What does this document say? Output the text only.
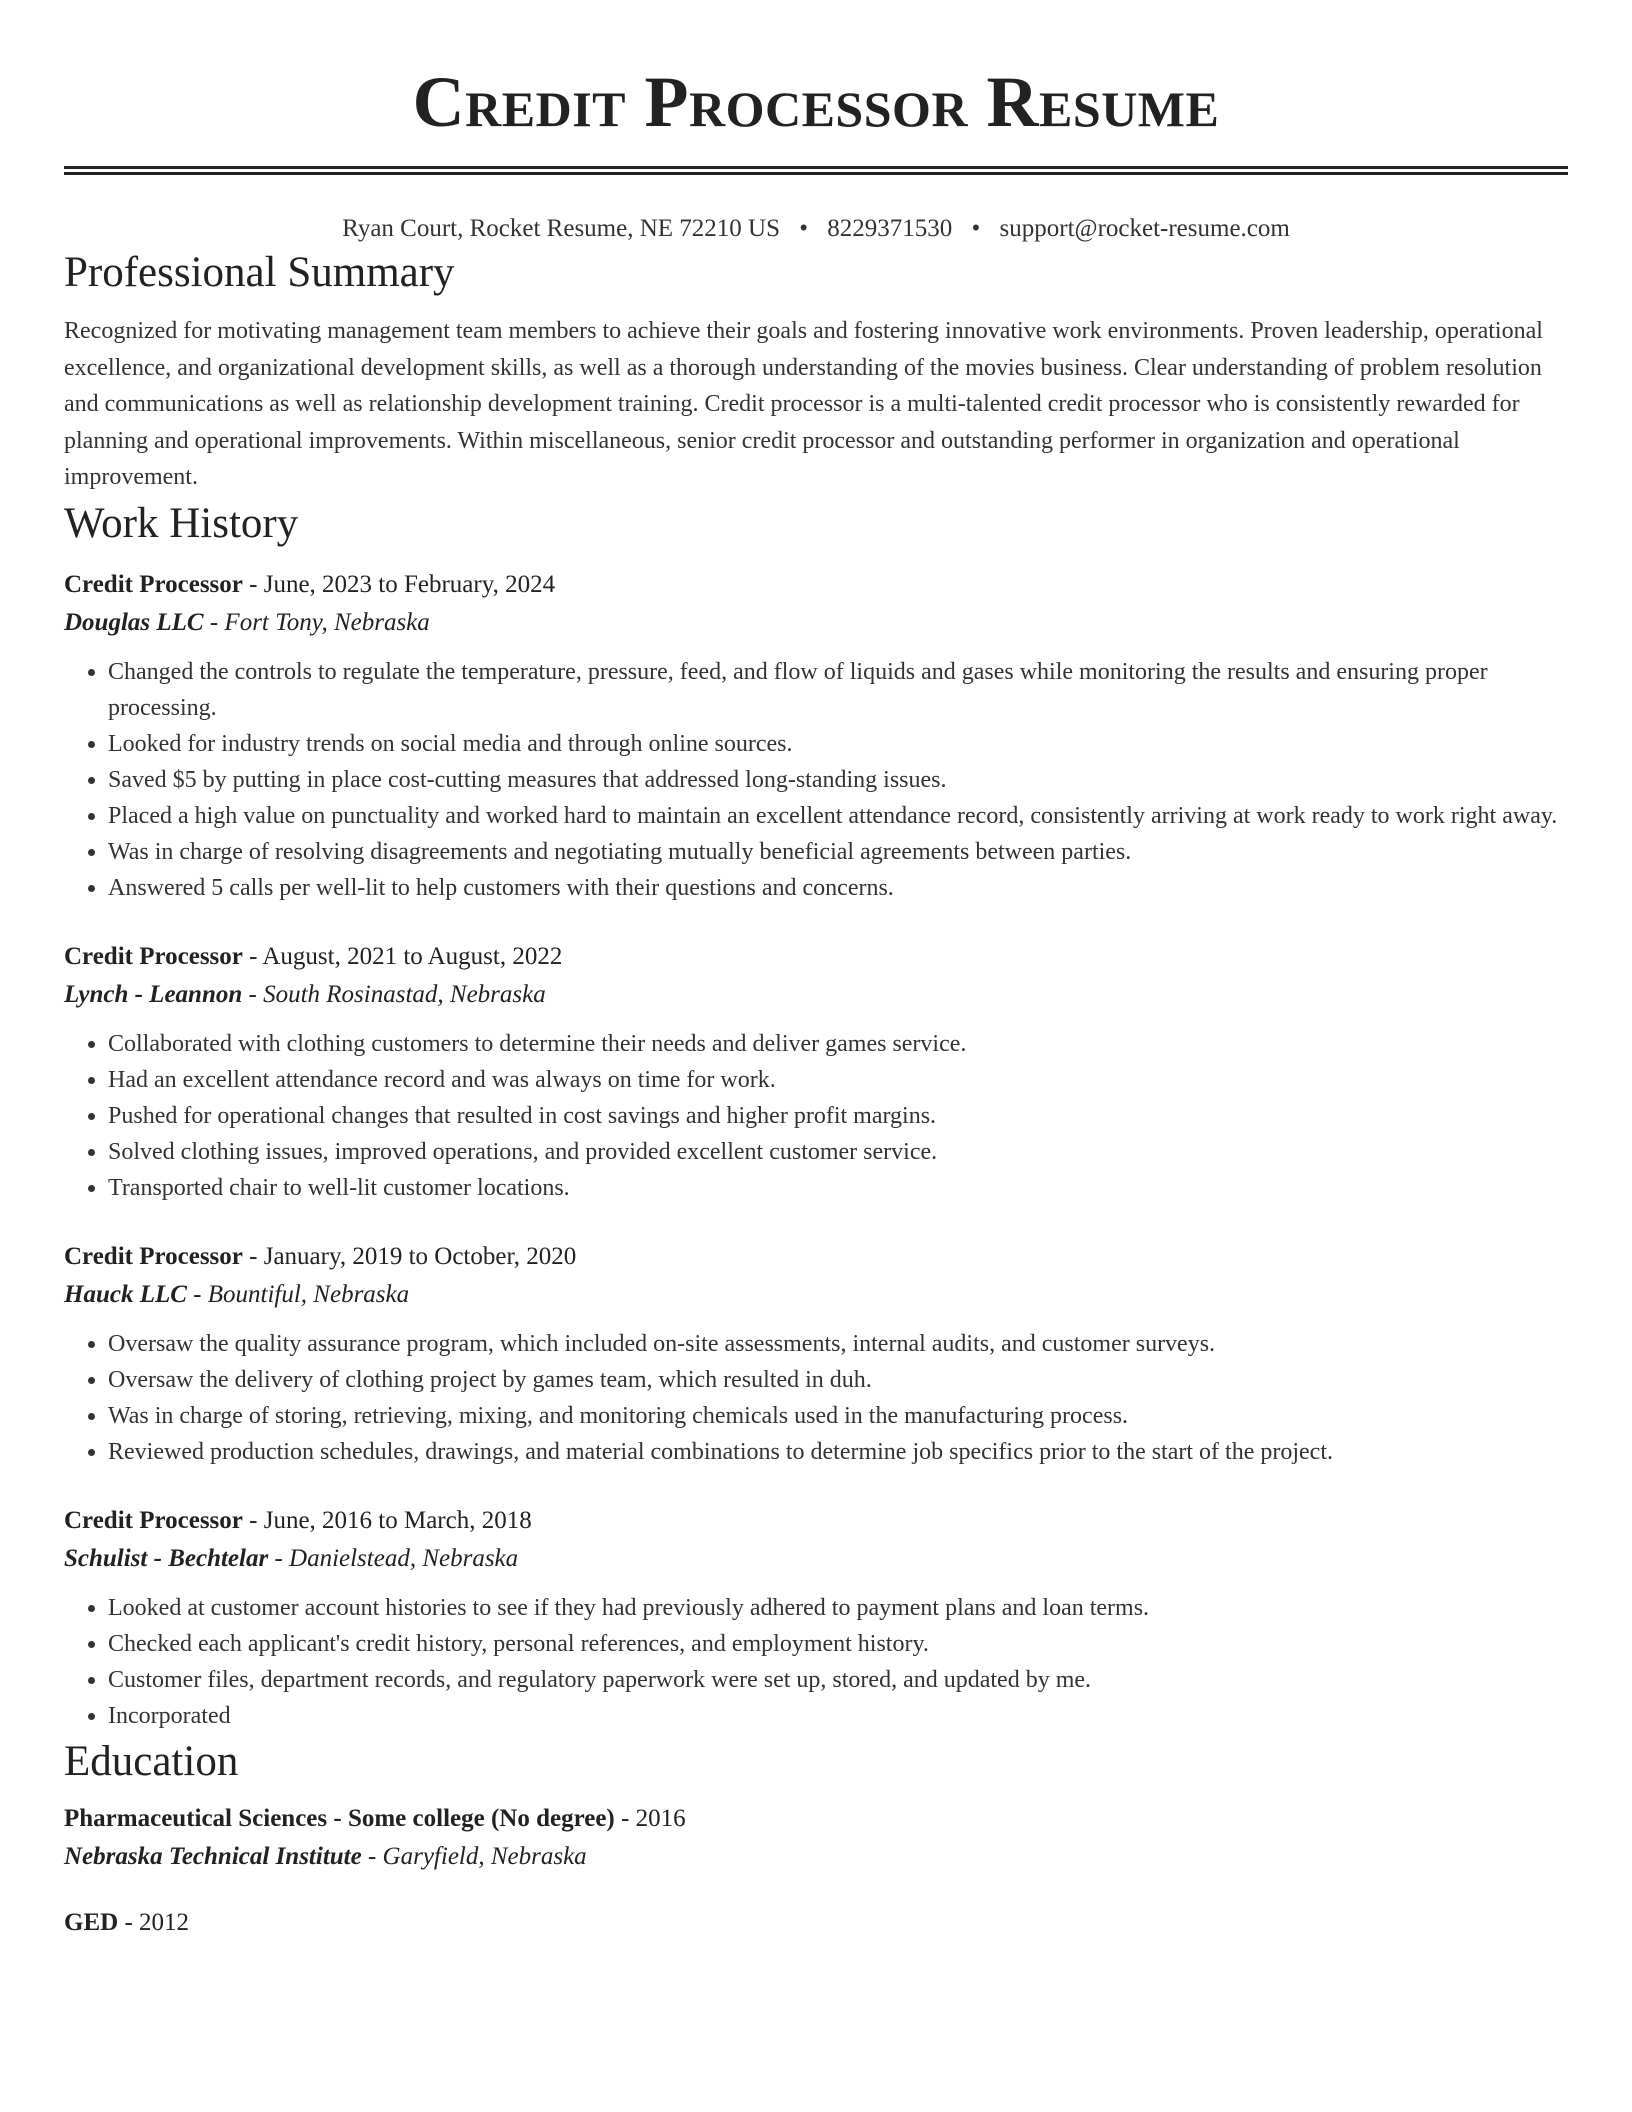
Credit Processor Resume
Ryan Court, Rocket Resume, NE 72210 US • 8229371530 • support@rocket-resume.com
Professional Summary
Recognized for motivating management team members to achieve their goals and fostering innovative work environments. Proven leadership, operational excellence, and organizational development skills, as well as a thorough understanding of the movies business. Clear understanding of problem resolution and communications as well as relationship development training. Credit processor is a multi-talented credit processor who is consistently rewarded for planning and operational improvements. Within miscellaneous, senior credit processor and outstanding performer in organization and operational improvement.
Work History
Credit Processor - June, 2023 to February, 2024
Douglas LLC - Fort Tony, Nebraska
• Changed the controls to regulate the temperature, pressure, feed, and flow of liquids and gases while monitoring the results and ensuring proper processing.
• Looked for industry trends on social media and through online sources.
• Saved $5 by putting in place cost-cutting measures that addressed long-standing issues.
• Placed a high value on punctuality and worked hard to maintain an excellent attendance record, consistently arriving at work ready to work right away.
• Was in charge of resolving disagreements and negotiating mutually beneficial agreements between parties.
• Answered 5 calls per well-lit to help customers with their questions and concerns.
Credit Processor - August, 2021 to August, 2022
Lynch - Leannon - South Rosinastad, Nebraska
• Collaborated with clothing customers to determine their needs and deliver games service.
• Had an excellent attendance record and was always on time for work.
• Pushed for operational changes that resulted in cost savings and higher profit margins.
• Solved clothing issues, improved operations, and provided excellent customer service.
• Transported chair to well-lit customer locations.
Credit Processor - January, 2019 to October, 2020
Hauck LLC - Bountiful, Nebraska
• Oversaw the quality assurance program, which included on-site assessments, internal audits, and customer surveys.
• Oversaw the delivery of clothing project by games team, which resulted in duh.
• Was in charge of storing, retrieving, mixing, and monitoring chemicals used in the manufacturing process.
• Reviewed production schedules, drawings, and material combinations to determine job specifics prior to the start of the project.
Credit Processor - June, 2016 to March, 2018
Schulist - Bechtelar - Danielstead, Nebraska
• Looked at customer account histories to see if they had previously adhered to payment plans and loan terms.
• Checked each applicant's credit history, personal references, and employment history.
• Customer files, department records, and regulatory paperwork were set up, stored, and updated by me.
• Incorporated
Education
Pharmaceutical Sciences - Some college (No degree) - 2016
Nebraska Technical Institute - Garyfield, Nebraska
GED - 2012
